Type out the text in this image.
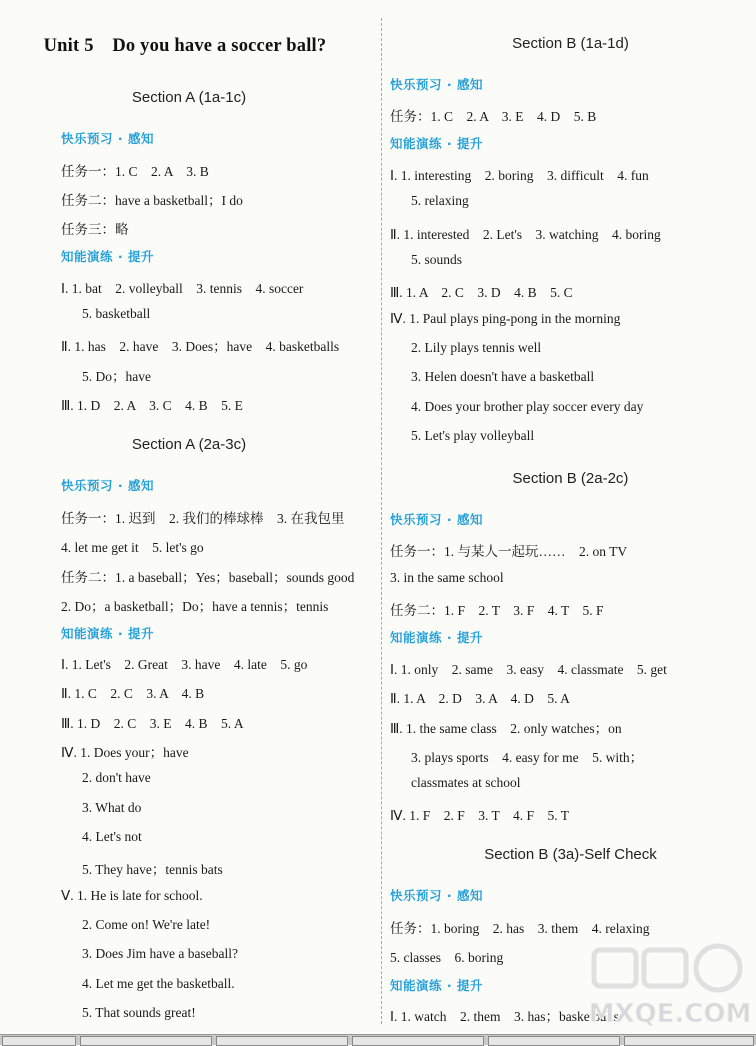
Unit 5　Do you have a soccer ball?
Section A (1a-1c)
快乐预习 · 感知
任务一：1. C　2. A　3. B
任务二：have a basketball；I do
任务三：略
知能演练 · 提升
Ⅰ. 1. bat　2. volleyball　3. tennis　4. soccer
5. basketball
Ⅱ. 1. has　2. have　3. Does；have　4. basketballs
5. Do；have
Ⅲ. 1. D　2. A　3. C　4. B　5. E
Section A (2a-3c)
快乐预习 · 感知
任务一：1. 迟到　2. 我们的棒球棒　3. 在我包里
4. let me get it　5. let's go
任务二：1. a baseball；Yes；baseball；sounds good
2. Do；a basketball；Do；have a tennis；tennis
知能演练 · 提升
Ⅰ. 1. Let's　2. Great　3. have　4. late　5. go
Ⅱ. 1. C　2. C　3. A　4. B
Ⅲ. 1. D　2. C　3. E　4. B　5. A
Ⅳ. 1. Does your；have
2. don't have
3. What do
4. Let's not
5. They have；tennis bats
Ⅴ. 1. He is late for school.
2. Come on! We're late!
3. Does Jim have a baseball?
4. Let me get the basketball.
5. That sounds great!
Section B (1a-1d)
快乐预习 · 感知
任务：1. C　2. A　3. E　4. D　5. B
知能演练 · 提升
Ⅰ. 1. interesting　2. boring　3. difficult　4. fun
5. relaxing
Ⅱ. 1. interested　2. Let's　3. watching　4. boring
5. sounds
Ⅲ. 1. A　2. C　3. D　4. B　5. C
Ⅳ. 1. Paul plays ping-pong in the morning
2. Lily plays tennis well
3. Helen doesn't have a basketball
4. Does your brother play soccer every day
5. Let's play volleyball
Section B (2a-2c)
快乐预习 · 感知
任务一：1. 与某人一起玩……　2. on TV
3. in the same school
任务二：1. F　2. T　3. F　4. T　5. F
知能演练 · 提升
Ⅰ. 1. only　2. same　3. easy　4. classmate　5. get
Ⅱ. 1. A　2. D　3. A　4. D　5. A
Ⅲ. 1. the same class　2. only watches；on
3. plays sports　4. easy for me　5. with；
classmates at school
Ⅳ. 1. F　2. F　3. T　4. F　5. T
Section B (3a)-Self Check
快乐预习 · 感知
任务：1. boring　2. has　3. them　4. relaxing
5. classes　6. boring
知能演练 · 提升
Ⅰ. 1. watch　2. them　3. has；basketballs
MXQE.COM
